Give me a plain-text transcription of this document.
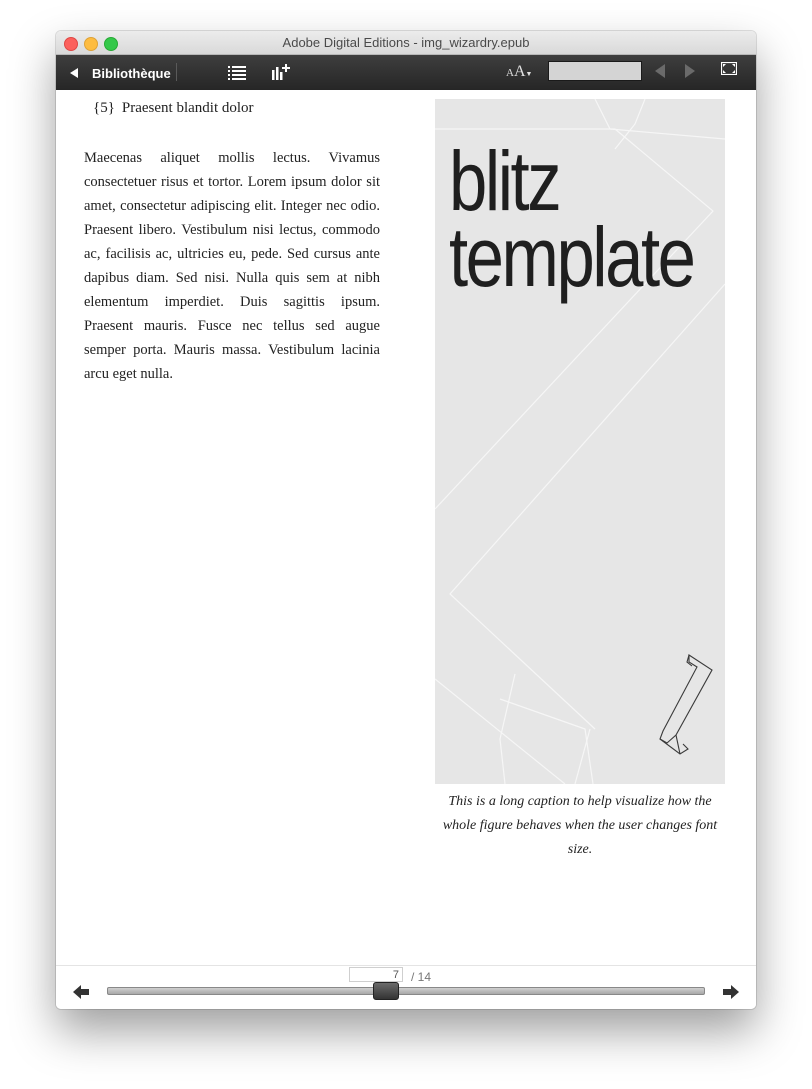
Adobe Digital Editions - img_wizardry.epub
Bibliothèque	AA▼
{5} Praesent blandit dolor

Maecenas aliquet mollis lectus. Vivamus consectetuer risus et tortor. Lorem ipsum dolor sit amet, consectetur adipiscing elit. Integer nec odio. Praesent libero. Vestibulum nisi lectus, commodo ac, facilisis ac, ultricies eu, pede. Sed cursus ante dapibus diam. Sed nisi. Nulla quis sem at nibh elementum imperdiet. Duis sagittis ipsum. Praesent mauris. Fusce nec tellus sed augue semper porta. Mauris massa. Vestibulum lacinia arcu eget nulla.

blitz
template
This is a long caption to help visualize how the whole figure behaves when the user changes font size.
7
/ 14
